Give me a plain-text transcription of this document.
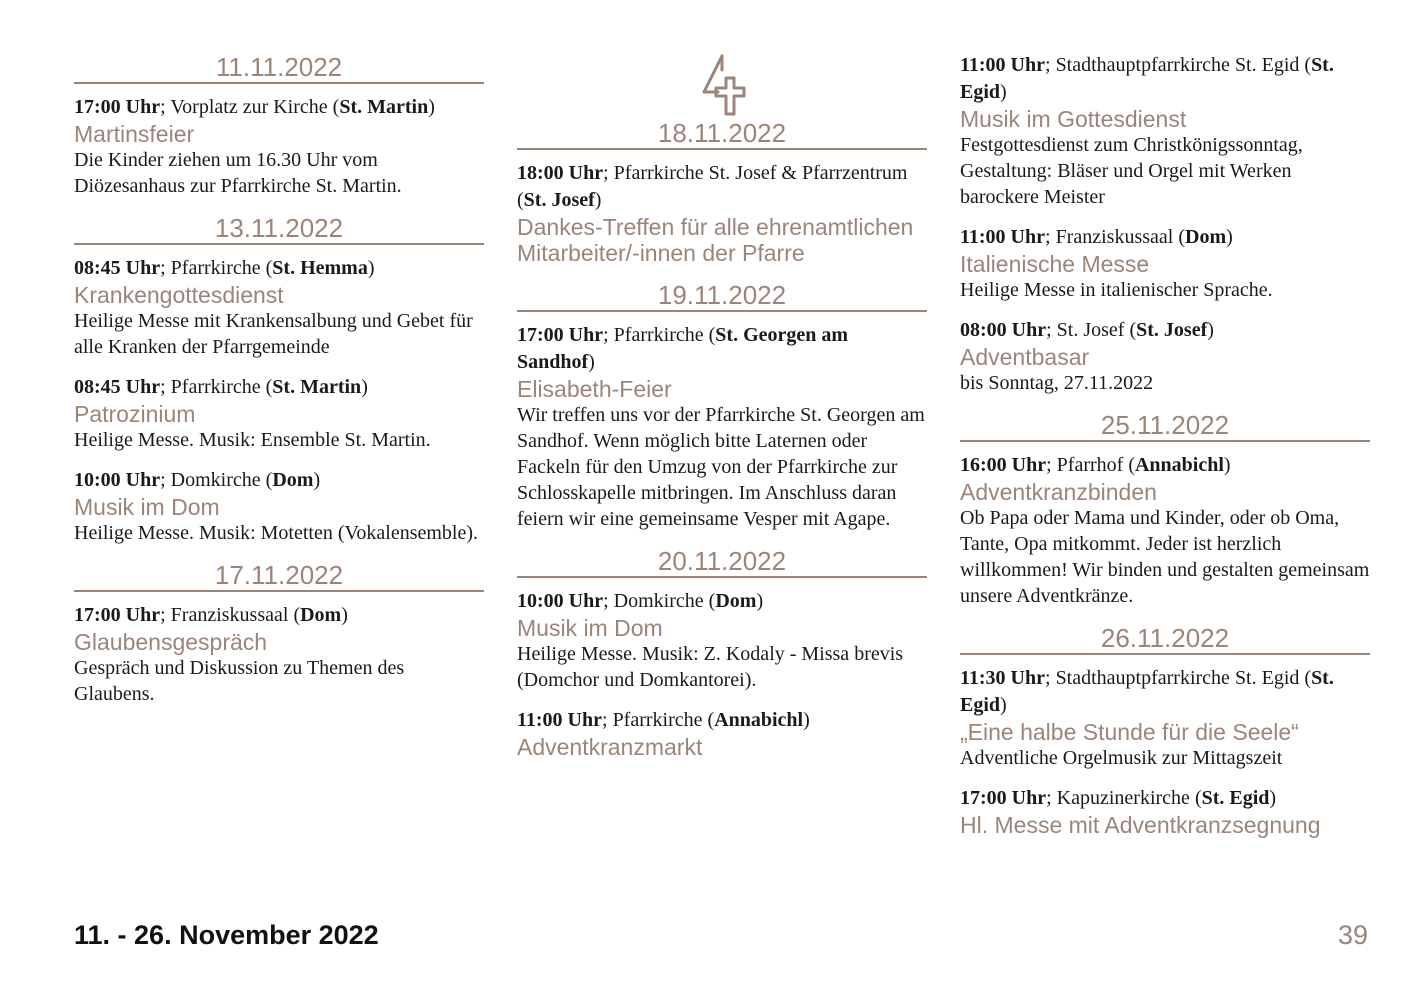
11.11.2022
17:00 Uhr; Vorplatz zur Kirche (St. Martin)
Martinsfeier
Die Kinder ziehen um 16.30 Uhr vom Diözesanhaus zur Pfarrkirche St. Martin.
13.11.2022
08:45 Uhr; Pfarrkirche (St. Hemma)
Krankengottesdienst
Heilige Messe mit Krankensalbung und Gebet für alle Kranken der Pfarrgemeinde
08:45 Uhr; Pfarrkirche (St. Martin)
Patrozinium
Heilige Messe. Musik: Ensemble St. Martin.
10:00 Uhr; Domkirche (Dom)
Musik im Dom
Heilige Messe. Musik: Motetten (Vokalensemble).
17.11.2022
17:00 Uhr; Franziskussaal (Dom)
Glaubensgespräch
Gespräch und Diskussion zu Themen des Glaubens.
18.11.2022
18:00 Uhr; Pfarrkirche St. Josef & Pfarrzentrum (St. Josef)
Dankes-Treffen für alle ehrenamtlichen Mitarbeiter/-innen der Pfarre
19.11.2022
17:00 Uhr; Pfarrkirche (St. Georgen am Sandhof)
Elisabeth-Feier
Wir treffen uns vor der Pfarrkirche St. Georgen am Sandhof. Wenn möglich bitte Laternen oder Fackeln für den Umzug von der Pfarrkirche zur Schlosskapelle mitbringen. Im Anschluss daran feiern wir eine gemeinsame Vesper mit Agape.
20.11.2022
10:00 Uhr; Domkirche (Dom)
Musik im Dom
Heilige Messe. Musik: Z. Kodaly - Missa brevis (Domchor und Domkantorei).
11:00 Uhr; Pfarrkirche (Annabichl)
Adventkranzmarkt
11:00 Uhr; Stadthauptpfarrkirche St. Egid (St. Egid)
Musik im Gottesdienst
Festgottesdienst zum Christkönigssonntag, Gestaltung: Bläser und Orgel mit Werken barockere Meister
11:00 Uhr; Franziskussaal (Dom)
Italienische Messe
Heilige Messe in italienischer Sprache.
08:00 Uhr; St. Josef (St. Josef)
Adventbasar
bis Sonntag, 27.11.2022
25.11.2022
16:00 Uhr; Pfarrhof (Annabichl)
Adventkranzbinden
Ob Papa oder Mama und Kinder, oder ob Oma, Tante, Opa mitkommt. Jeder ist herzlich willkommen! Wir binden und gestalten gemeinsam unsere Adventkränze.
26.11.2022
11:30 Uhr; Stadthauptpfarrkirche St. Egid (St. Egid)
„Eine halbe Stunde für die Seele“
Adventliche Orgelmusik zur Mittagszeit
17:00 Uhr; Kapuzinerkirche (St. Egid)
Hl. Messe mit Adventkranzsegnung
11. - 26. November 2022	39
